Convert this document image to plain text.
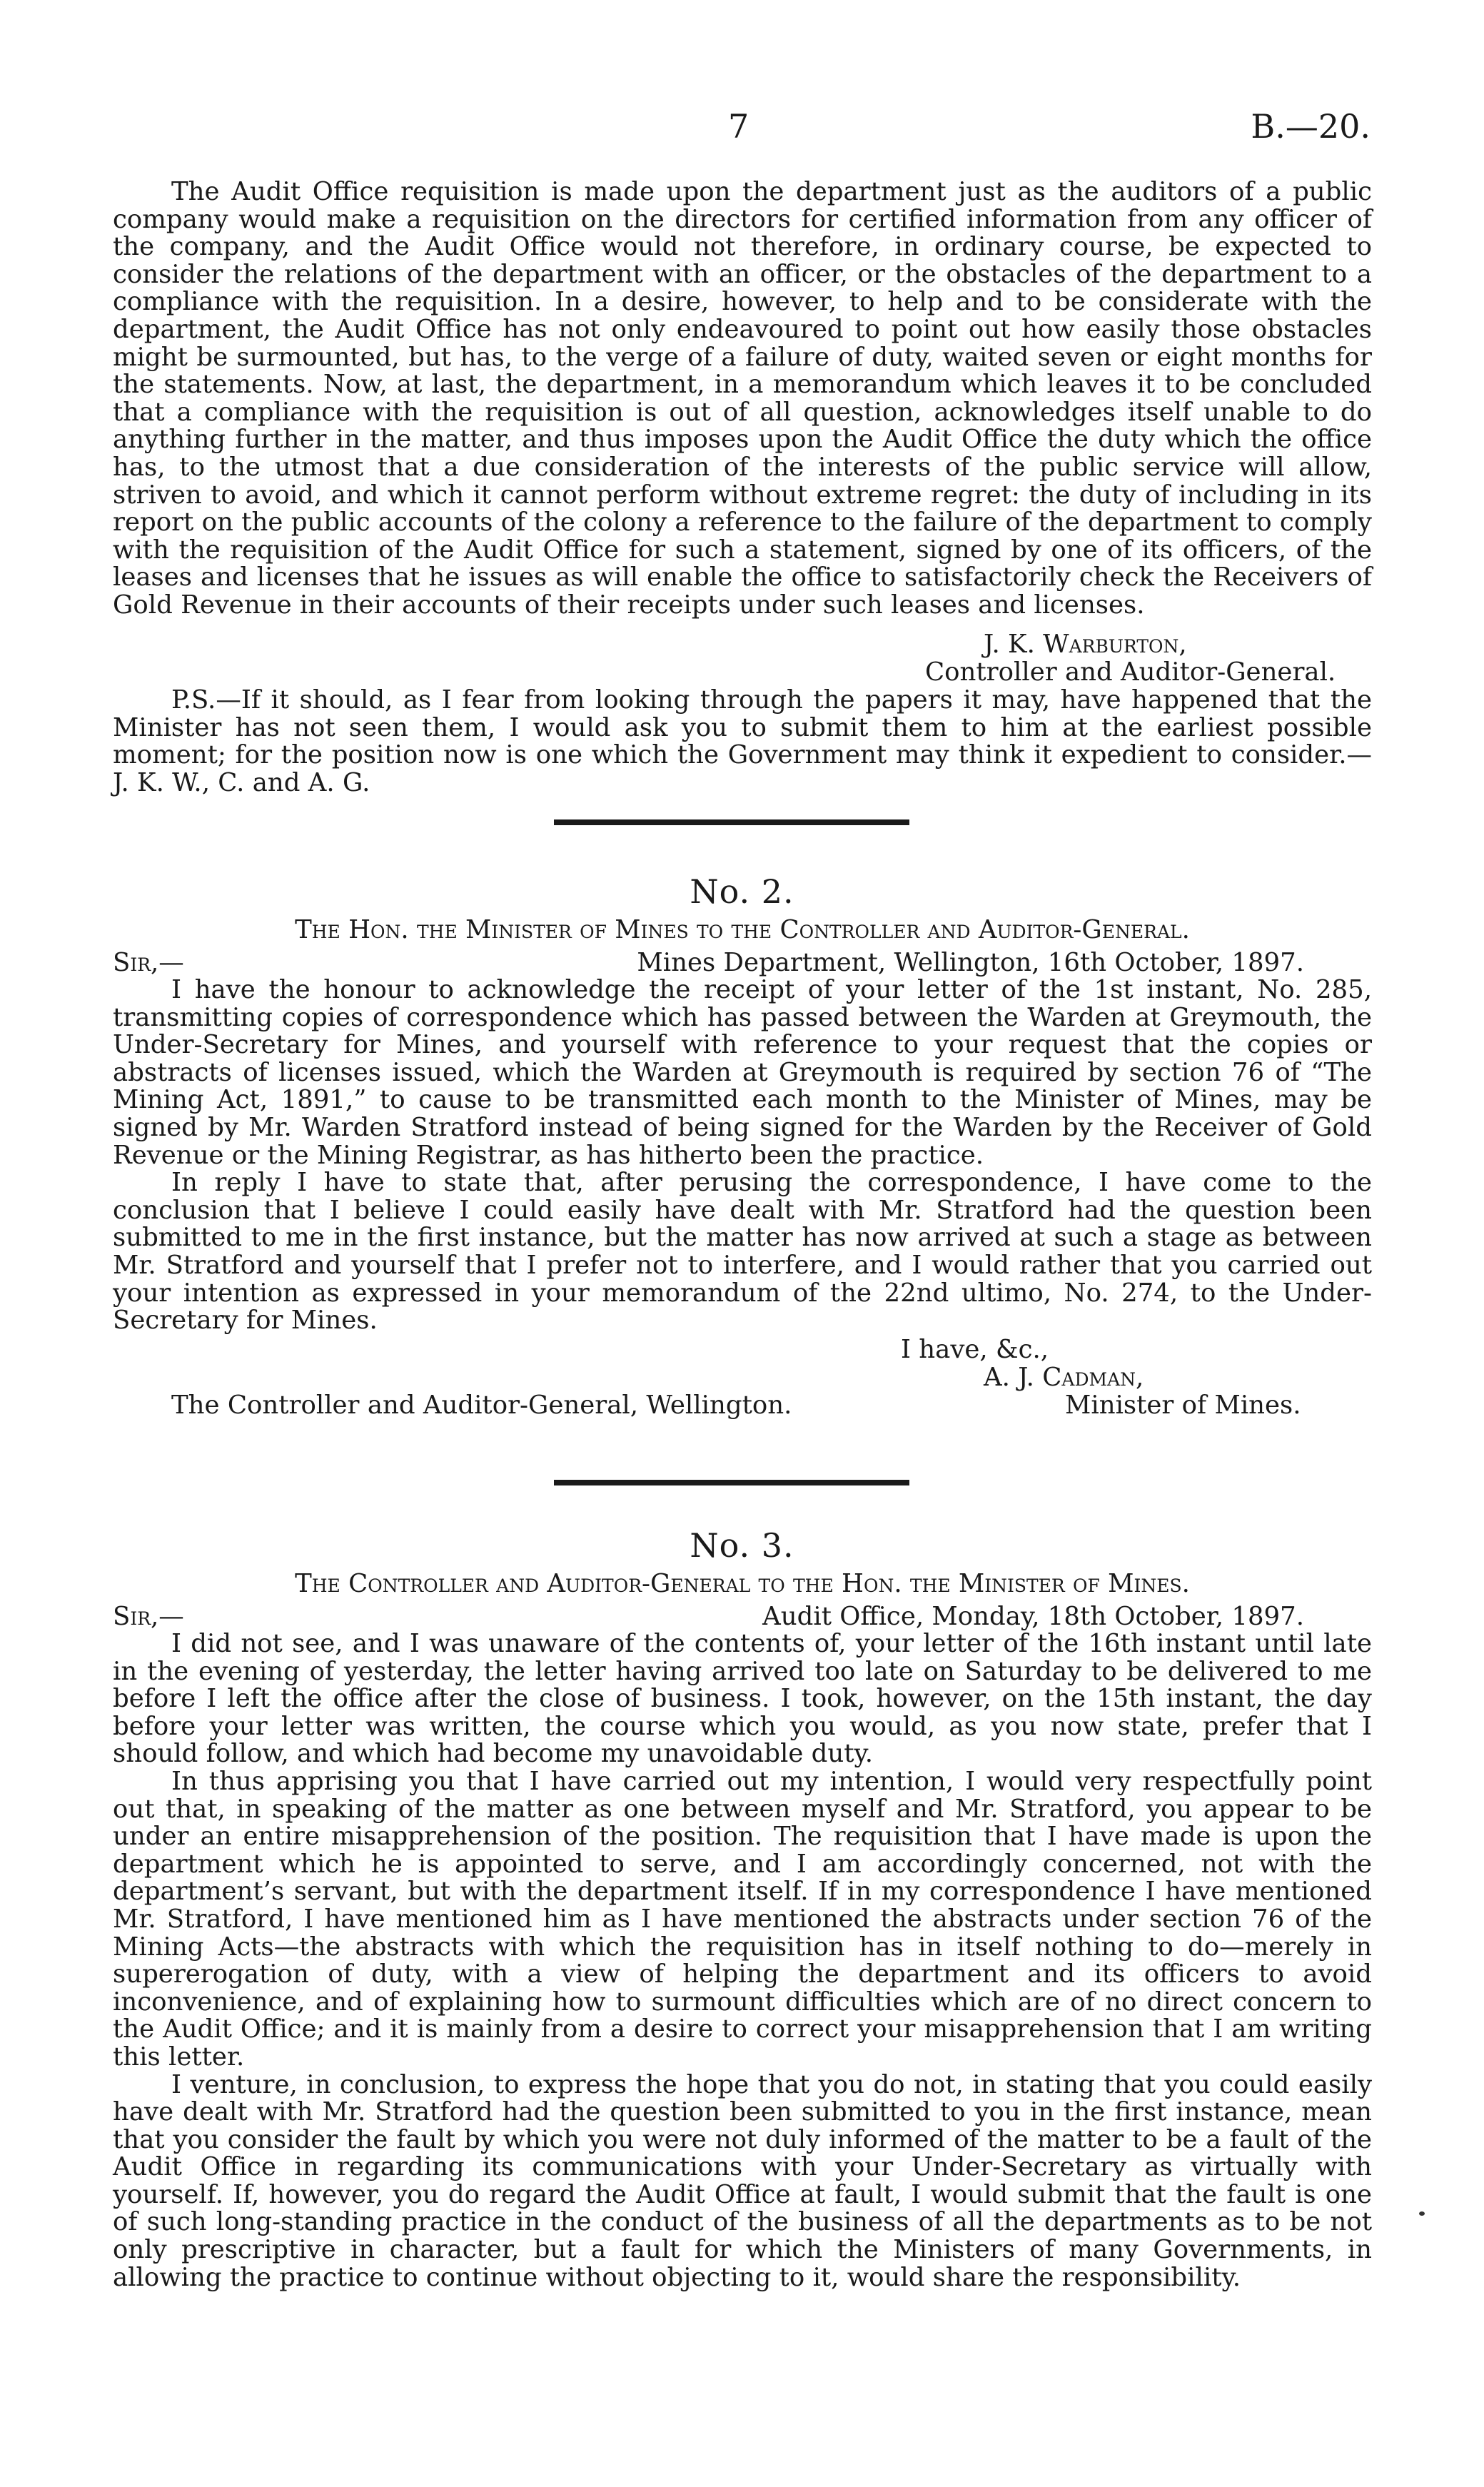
7	B.—20.

The Audit Office requisition is made upon the department just as the auditors of a public company would make a requisition on the directors for certified information from any officer of the company, and the Audit Office would not therefore, in ordinary course, be expected to consider the relations of the department with an officer, or the obstacles of the department to a compliance with the requisition. In a desire, however, to help and to be considerate with the department, the Audit Office has not only endeavoured to point out how easily those obstacles might be surmounted, but has, to the verge of a failure of duty, waited seven or eight months for the statements. Now, at last, the department, in a memorandum which leaves it to be concluded that a compliance with the requisition is out of all question, acknowledges itself unable to do anything further in the matter, and thus imposes upon the Audit Office the duty which the office has, to the utmost that a due consideration of the interests of the public service will allow, striven to avoid, and which it cannot perform without extreme regret: the duty of including in its report on the public accounts of the colony a reference to the failure of the department to comply with the requisition of the Audit Office for such a statement, signed by one of its officers, of the leases and licenses that he issues as will enable the office to satisfactorily check the Receivers of Gold Revenue in their accounts of their receipts under such leases and licenses.

J. K. Warburton,
Controller and Auditor-General.

P.S.—If it should, as I fear from looking through the papers it may, have happened that the Minister has not seen them, I would ask you to submit them to him at the earliest possible moment; for the position now is one which the Government may think it expedient to consider.—J. K. W., C. and A. G.

No. 2.
The Hon. the Minister of Mines to the Controller and Auditor-General.
Sir,—	Mines Department, Wellington, 16th October, 1897.

I have the honour to acknowledge the receipt of your letter of the 1st instant, No. 285, transmitting copies of correspondence which has passed between the Warden at Greymouth, the Under-Secretary for Mines, and yourself with reference to your request that the copies or abstracts of licenses issued, which the Warden at Greymouth is required by section 76 of “The Mining Act, 1891,” to cause to be transmitted each month to the Minister of Mines, may be signed by Mr. Warden Stratford instead of being signed for the Warden by the Receiver of Gold Revenue or the Mining Registrar, as has hitherto been the practice.

In reply I have to state that, after perusing the correspondence, I have come to the conclusion that I believe I could easily have dealt with Mr. Stratford had the question been submitted to me in the first instance, but the matter has now arrived at such a stage as between Mr. Stratford and yourself that I prefer not to interfere, and I would rather that you carried out your intention as expressed in your memorandum of the 22nd ultimo, No. 274, to the Under-Secretary for Mines.

I have, &c.,
A. J. Cadman,
The Controller and Auditor-General, Wellington.	Minister of Mines.
No. 3.
The Controller and Auditor-General to the Hon. the Minister of Mines.
Sir,—	Audit Office, Monday, 18th October, 1897.

I did not see, and I was unaware of the contents of, your letter of the 16th instant until late in the evening of yesterday, the letter having arrived too late on Saturday to be delivered to me before I left the office after the close of business. I took, however, on the 15th instant, the day before your letter was written, the course which you would, as you now state, prefer that I should follow, and which had become my unavoidable duty.

In thus apprising you that I have carried out my intention, I would very respectfully point out that, in speaking of the matter as one between myself and Mr. Stratford, you appear to be under an entire misapprehension of the position. The requisition that I have made is upon the department which he is appointed to serve, and I am accordingly concerned, not with the department’s servant, but with the department itself. If in my correspondence I have mentioned Mr. Stratford, I have mentioned him as I have mentioned the abstracts under section 76 of the Mining Acts—the abstracts with which the requisition has in itself nothing to do—merely in supererogation of duty, with a view of helping the department and its officers to avoid inconvenience, and of explaining how to surmount difficulties which are of no direct concern to the Audit Office; and it is mainly from a desire to correct your misapprehension that I am writing this letter.

I venture, in conclusion, to express the hope that you do not, in stating that you could easily have dealt with Mr. Stratford had the question been submitted to you in the first instance, mean that you consider the fault by which you were not duly informed of the matter to be a fault of the Audit Office in regarding its communications with your Under-Secretary as virtually with yourself. If, however, you do regard the Audit Office at fault, I would submit that the fault is one of such long-standing practice in the conduct of the business of all the departments as to be not only prescriptive in character, but a fault for which the Ministers of many Governments, in allowing the practice to continue without objecting to it, would share the responsibility.
